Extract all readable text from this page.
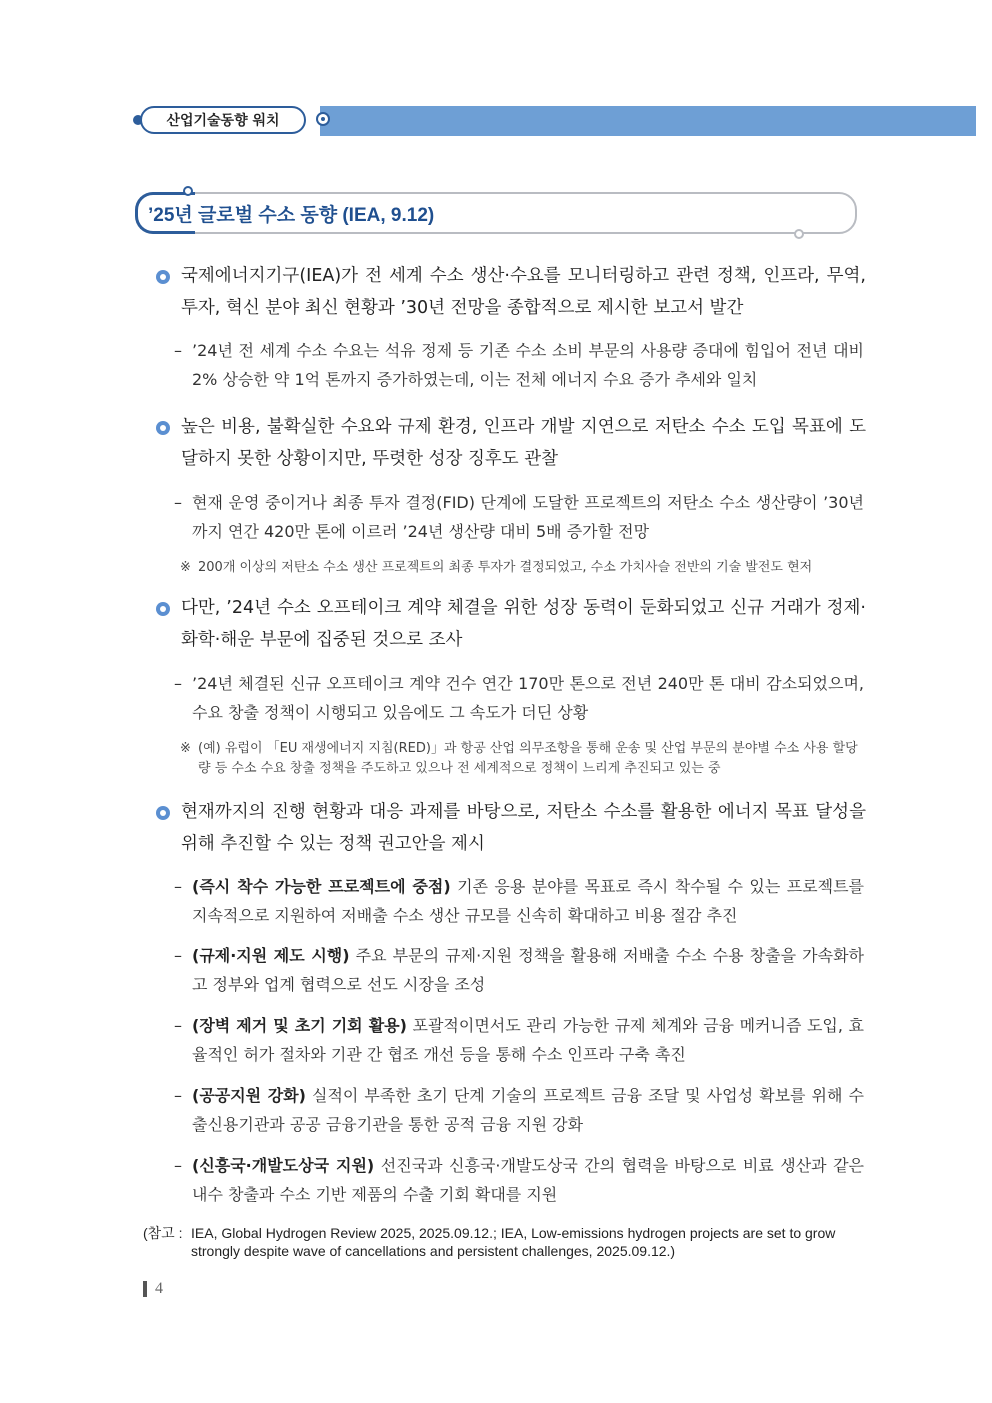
산업기술동향 워치
’25년 글로벌 수소 동향 (IEA, 9.12)
국제에너지기구(IEA)가 전 세계 수소 생산·수요를 모니터링하고 관련 정책, 인프라, 무역, 투자, 혁신 분야 최신 현황과 ’30년 전망을 종합적으로 제시한 보고서 발간
– ’24년 전 세계 수소 수요는 석유 정제 등 기존 수소 소비 부문의 사용량 증대에 힘입어 전년 대비 2% 상승한 약 1억 톤까지 증가하였는데, 이는 전체 에너지 수요 증가 추세와 일치
높은 비용, 불확실한 수요와 규제 환경, 인프라 개발 지연으로 저탄소 수소 도입 목표에 도달하지 못한 상황이지만, 뚜렷한 성장 징후도 관찰
– 현재 운영 중이거나 최종 투자 결정(FID) 단계에 도달한 프로젝트의 저탄소 수소 생산량이 ’30년까지 연간 420만 톤에 이르러 ’24년 생산량 대비 5배 증가할 전망
※ 200개 이상의 저탄소 수소 생산 프로젝트의 최종 투자가 결정되었고, 수소 가치사슬 전반의 기술 발전도 현저
다만, ’24년 수소 오프테이크 계약 체결을 위한 성장 동력이 둔화되었고 신규 거래가 정제·화학·해운 부문에 집중된 것으로 조사
– ’24년 체결된 신규 오프테이크 계약 건수 연간 170만 톤으로 전년 240만 톤 대비 감소되었으며, 수요 창출 정책이 시행되고 있음에도 그 속도가 더딘 상황
※ (예) 유럽이 「EU 재생에너지 지침(RED)」과 항공 산업 의무조항을 통해 운송 및 산업 부문의 분야별 수소 사용 할당량 등 수소 수요 창출 정책을 주도하고 있으나 전 세계적으로 정책이 느리게 추진되고 있는 중
현재까지의 진행 현황과 대응 과제를 바탕으로, 저탄소 수소를 활용한 에너지 목표 달성을 위해 추진할 수 있는 정책 권고안을 제시
– (즉시 착수 가능한 프로젝트에 중점) 기존 응용 분야를 목표로 즉시 착수될 수 있는 프로젝트를 지속적으로 지원하여 저배출 수소 생산 규모를 신속히 확대하고 비용 절감 추진
– (규제·지원 제도 시행) 주요 부문의 규제·지원 정책을 활용해 저배출 수소 수용 창출을 가속화하고 정부와 업계 협력으로 선도 시장을 조성
– (장벽 제거 및 초기 기회 활용) 포괄적이면서도 관리 가능한 규제 체계와 금융 메커니즘 도입, 효율적인 허가 절차와 기관 간 협조 개선 등을 통해 수소 인프라 구축 촉진
– (공공지원 강화) 실적이 부족한 초기 단계 기술의 프로젝트 금융 조달 및 사업성 확보를 위해 수출신용기관과 공공 금융기관을 통한 공적 금융 지원 강화
– (신흥국·개발도상국 지원) 선진국과 신흥국·개발도상국 간의 협력을 바탕으로 비료 생산과 같은 내수 창출과 수소 기반 제품의 수출 기회 확대를 지원
(참고 : IEA, Global Hydrogen Review 2025, 2025.09.12.; IEA, Low-emissions hydrogen projects are set to grow strongly despite wave of cancellations and persistent challenges, 2025.09.12.)
4
